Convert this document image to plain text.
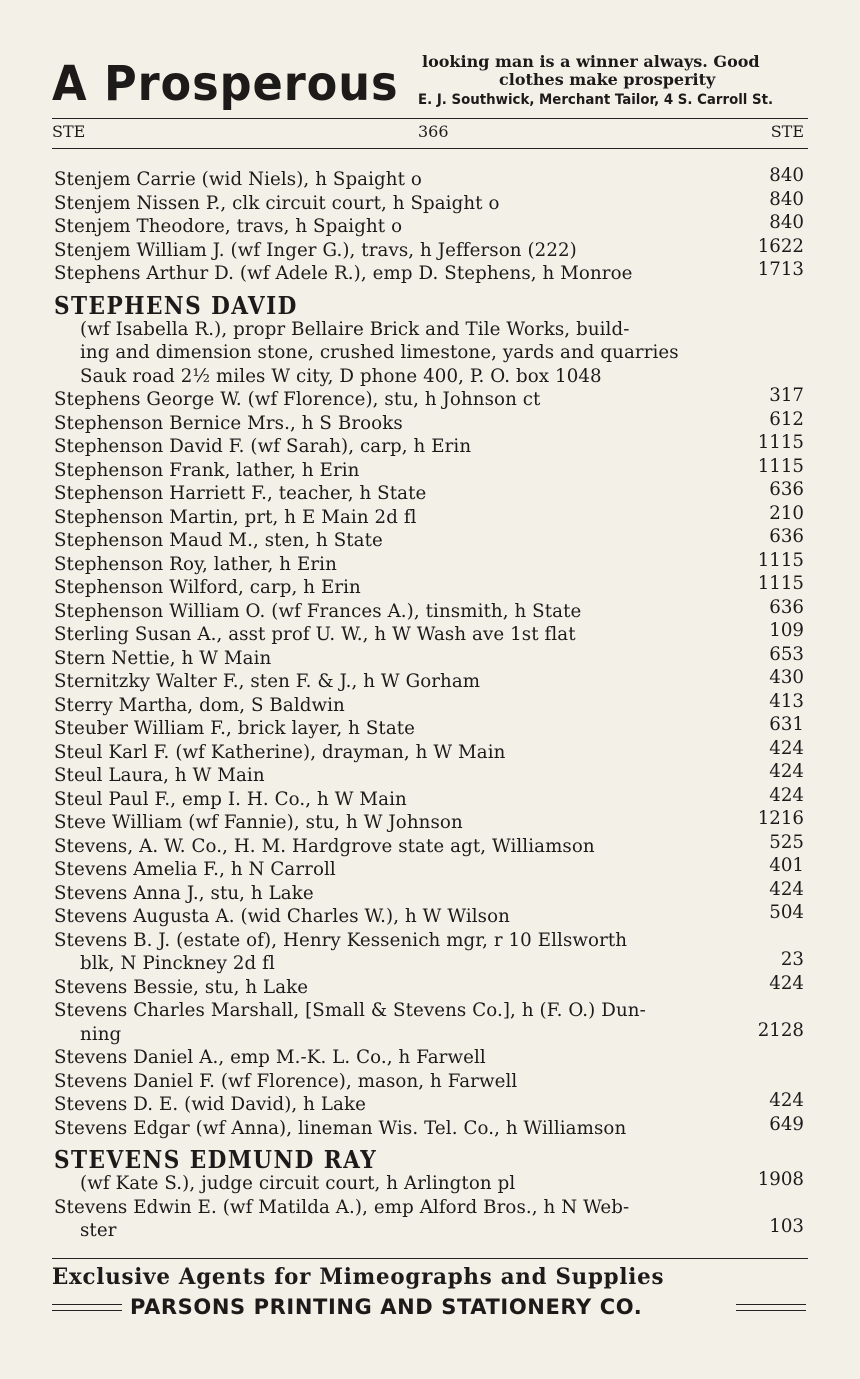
A Prosperous looking man is a winner always. Good
clothes make prosperity
E. J. Southwick, Merchant Tailor, 4 S. Carroll St.
STE	366	STE
Stenjem Carrie (wid Niels), h Spaight o	840
Stenjem Nissen P., clk circuit court, h Spaight o	840
Stenjem Theodore, travs, h Spaight o	840
Stenjem William J. (wf Inger G.), travs, h Jefferson (222)	1622
Stephens Arthur D. (wf Adele R.), emp D. Stephens, h Monroe	1713
STEPHENS DAVID
(wf Isabella R.), propr Bellaire Brick and Tile Works, build-
ing and dimension stone, crushed limestone, yards and quarries
Sauk road 2½ miles W city, D phone 400, P. O. box 1048
Stephens George W. (wf Florence), stu, h Johnson ct	317
Stephenson Bernice Mrs., h S Brooks	612
Stephenson David F. (wf Sarah), carp, h Erin	1115
Stephenson Frank, lather, h Erin	1115
Stephenson Harriett F., teacher, h State	636
Stephenson Martin, prt, h E Main 2d fl	210
Stephenson Maud M., sten, h State	636
Stephenson Roy, lather, h Erin	1115
Stephenson Wilford, carp, h Erin	1115
Stephenson William O. (wf Frances A.), tinsmith, h State	636
Sterling Susan A., asst prof U. W., h W Wash ave 1st flat	109
Stern Nettie, h W Main	653
Sternitzky Walter F., sten F. & J., h W Gorham	430
Sterry Martha, dom, S Baldwin	413
Steuber William F., brick layer, h State	631
Steul Karl F. (wf Katherine), drayman, h W Main	424
Steul Laura, h W Main	424
Steul Paul F., emp I. H. Co., h W Main	424
Steve William (wf Fannie), stu, h W Johnson	1216
Stevens, A. W. Co., H. M. Hardgrove state agt, Williamson	525
Stevens Amelia F., h N Carroll	401
Stevens Anna J., stu, h Lake	424
Stevens Augusta A. (wid Charles W.), h W Wilson	504
Stevens B. J. (estate of), Henry Kessenich mgr, r 10 Ellsworth
blk, N Pinckney 2d fl	23
Stevens Bessie, stu, h Lake	424
Stevens Charles Marshall, [Small & Stevens Co.], h (F. O.) Dun-
ning	2128
Stevens Daniel A., emp M.-K. L. Co., h Farwell
Stevens Daniel F. (wf Florence), mason, h Farwell
Stevens D. E. (wid David), h Lake	424
Stevens Edgar (wf Anna), lineman Wis. Tel. Co., h Williamson	649
STEVENS EDMUND RAY
(wf Kate S.), judge circuit court, h Arlington pl	1908
Stevens Edwin E. (wf Matilda A.), emp Alford Bros., h N Web-
ster	103
Exclusive Agents for Mimeographs and Supplies
PARSONS PRINTING AND STATIONERY CO.
